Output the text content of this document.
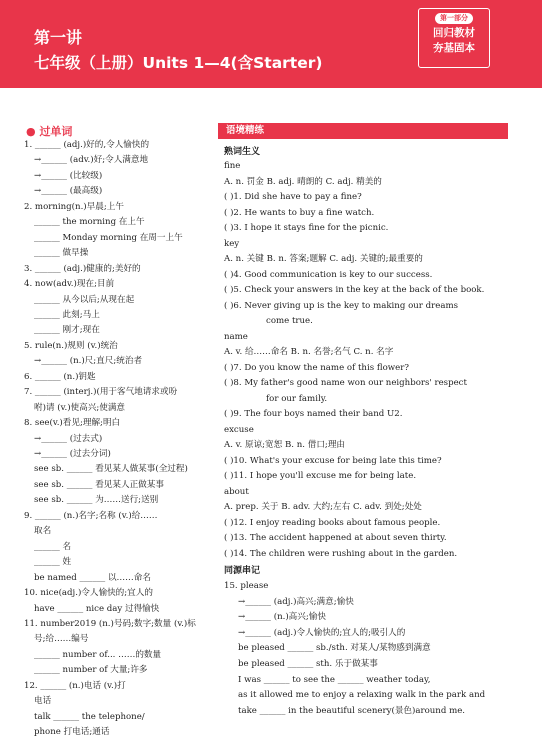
第一讲
七年级（上册）Units 1—4(含Starter)
第一部分
回归教材
夯基固本
● 过单词
1. ______ (adj.)好的,令人愉快的
→______ (adv.)好;令人满意地
→______ (比较级)
→______ (最高级)
2. morning(n.)早晨;上午
______ the morning 在上午
______ Monday morning 在周一上午
______ 做早操
3. ______ (adj.)健康的;美好的
4. now(adv.)现在;目前
______ 从今以后;从现在起
______ 此刻;马上
______ 刚才;现在
5. rule(n.)规则 (v.)统治
→______ (n.)尺;直尺;统治者
6. ______ (n.)钥匙
7. ______ (interj.)(用于客气地请求或吩
咐)请 (v.)使高兴;使满意
8. see(v.)看见;理解;明白
→______ (过去式)
→______ (过去分词)
see sb. ______ 看见某人做某事(全过程)
see sb. ______ 看见某人正做某事
see sb. ______ 为……送行;送别
9. ______ (n.)名字;名称 (v.)给……
取名
______ 名
______ 姓
be named ______ 以……命名
10. nice(adj.)令人愉快的;宜人的
have ______ nice day 过得愉快
11. number2019 (n.)号码;数字;数量 (v.)标
号;给……编号
______ number of... ……的数量
______ number of 大量;许多
12. ______ (n.)电话 (v.)打
电话
talk ______ the telephone/
phone 打电话;通话
语境精练
熟词生义
fine
A. n. 罚金 B. adj. 晴朗的 C. adj. 精美的
( )1. Did she have to pay a fine?
( )2. He wants to buy a fine watch.
( )3. I hope it stays fine for the picnic.
key
A. n. 关键 B. n. 答案;题解 C. adj. 关键的;最重要的
( )4. Good communication is key to our success.
( )5. Check your answers in the key at the back of the book.
( )6. Never giving up is the key to making our dreams
come true.
name
A. v. 给……命名 B. n. 名誉;名气 C. n. 名字
( )7. Do you know the name of this flower?
( )8. My father's good name won our neighbors' respect
for our family.
( )9. The four boys named their band U2.
excuse
A. v. 原谅;宽恕 B. n. 借口;理由
( )10. What's your excuse for being late this time?
( )11. I hope you'll excuse me for being late.
about
A. prep. 关于 B. adv. 大约;左右 C. adv. 到处;处处
( )12. I enjoy reading books about famous people.
( )13. The accident happened at about seven thirty.
( )14. The children were rushing about in the garden.
同源串记
15. please
→______ (adj.)高兴;满意;愉快
→______ (n.)高兴;愉快
→______ (adj.)令人愉快的;宜人的;吸引人的
be pleased ______ sb./sth. 对某人/某物感到满意
be pleased ______ sth. 乐于做某事
I was ______ to see the ______ weather today,
as it allowed me to enjoy a relaxing walk in the park and
take ______ in the beautiful scenery(景色)around me.
